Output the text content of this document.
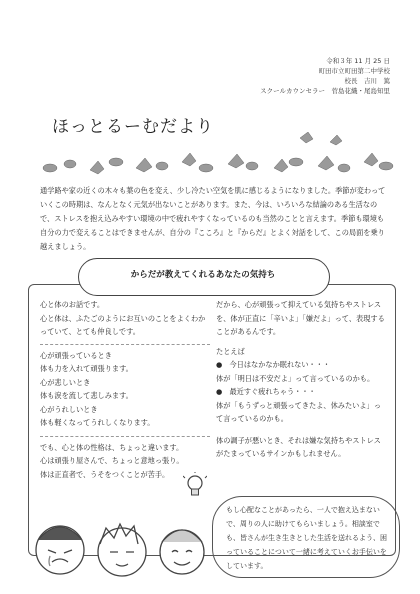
令和３年 11 月 25 日
町田市立町田第二中学校
校長　吉川　篤
スクールカウンセラー　菅島花織・尾島知里
ほっとるーむだより
通学路や家の近くの木々も葉の色を変え、少し冷たい空気を肌に感じるようになりました。季節が変わっていくこの時期は、なんとなく元気が出ないことがあります。また、今は、いろいろな結論のある生活なので、ストレスを抱え込みやすい環境の中で疲れやすくなっているのも当然のことと言えます。季節も環境も自分の力で変えることはできませんが、自分の『こころ』と『からだ』とよく対話をして、この局面を乗り越えましょう。
からだが教えてくれるあなたの気持ち
心と体のお話です。
心と体は、ふたごのようにお互いのことをよくわかっていて、とても仲良しです。
心が頑張っているとき
体も力を入れて頑張ります。
心が悲しいとき
体も涙を流して悲しみます。
心がうれしいとき
体も軽くなってうれしくなります。
でも、心と体の性格は、ちょっと違います。
心は頑張り屋さんで、ちょっと意地っ張り。
体は正直者で、うそをつくことが苦手。
だから、心が頑張って抑えている気持ちやストレスを、体が正直に「辛いよ」「嫌だよ」って、表現することがあるんです。
たとえば
●　今日はなかなか眠れない・・・
体が「明日は不安だよ」って言っているのかも。
●　最近すぐ疲れちゃう・・・
体が「もうずっと頑張ってきたよ、休みたいよ」って言っているのかも。
体の調子が悪いとき、それは嫌な気持ちやストレスがたまっているサインかもしれません。
もし心配なことがあったら、一人で抱え込まないで、周りの人に助けてもらいましょう。相談室でも、皆さんが生き生きとした生活を送れるよう、困っていることについて一緒に考えていくお手伝いをしています。
